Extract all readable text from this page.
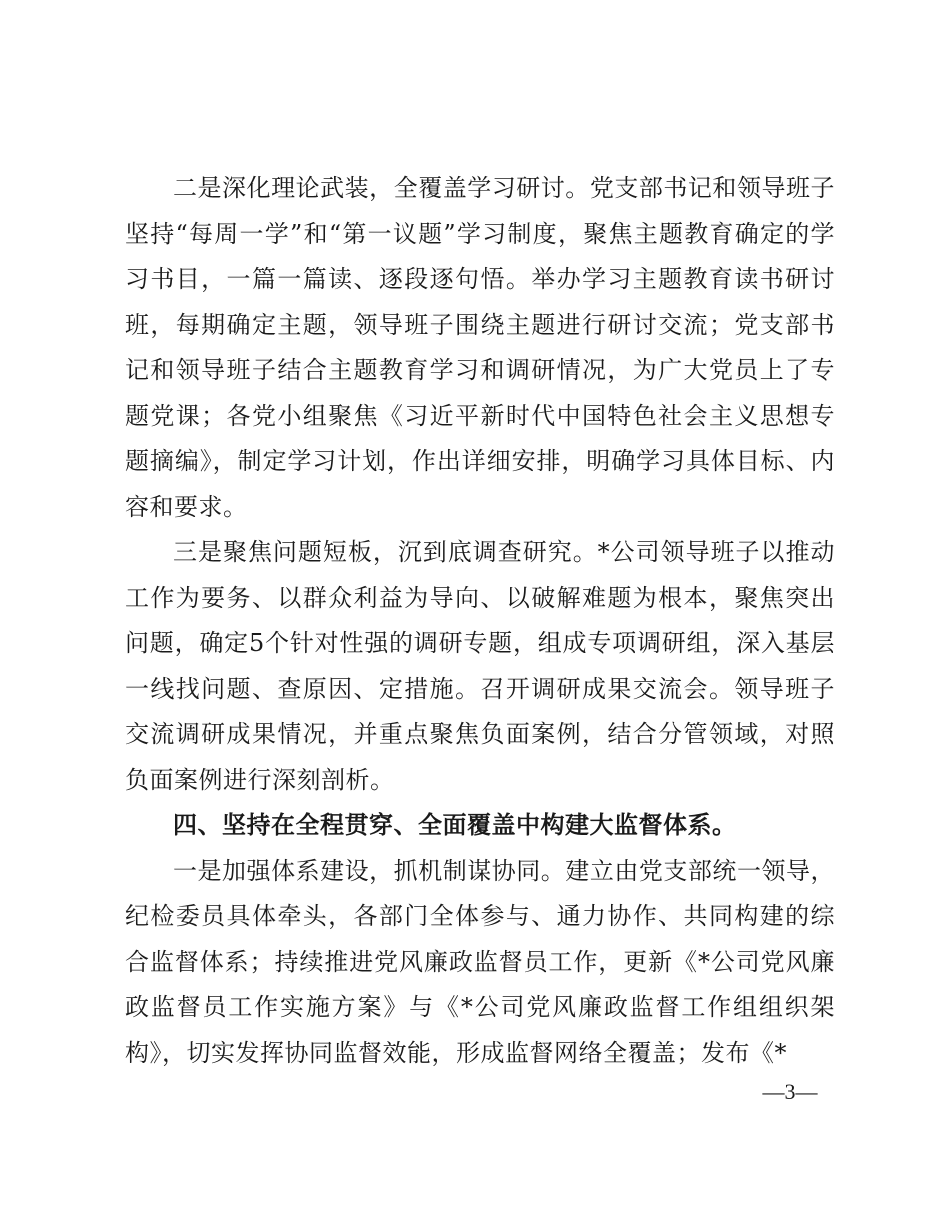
二是深化理论武装，全覆盖学习研讨。党支部书记和领导班子坚持“每周一学”和“第一议题”学习制度，聚焦主题教育确定的学习书目，一篇一篇读、逐段逐句悟。举办学习主题教育读书研讨班，每期确定主题，领导班子围绕主题进行研讨交流；党支部书记和领导班子结合主题教育学习和调研情况，为广大党员上了专题党课；各党小组聚焦《习近平新时代中国特色社会主义思想专题摘编》，制定学习计划，作出详细安排，明确学习具体目标、内容和要求。

三是聚焦问题短板，沉到底调查研究。*公司领导班子以推动工作为要务、以群众利益为导向、以破解难题为根本，聚焦突出问题，确定5个针对性强的调研专题，组成专项调研组，深入基层一线找问题、查原因、定措施。召开调研成果交流会。领导班子交流调研成果情况，并重点聚焦负面案例，结合分管领域，对照负面案例进行深刻剖析。

四、坚持在全程贯穿、全面覆盖中构建大监督体系。

一是加强体系建设，抓机制谋协同。建立由党支部统一领导，纪检委员具体牵头，各部门全体参与、通力协作、共同构建的综合监督体系；持续推进党风廉政监督员工作，更新《*公司党风廉政监督员工作实施方案》与《*公司党风廉政监督工作组组织架构》，切实发挥协同监督效能，形成监督网络全覆盖；发布《*

—3—
